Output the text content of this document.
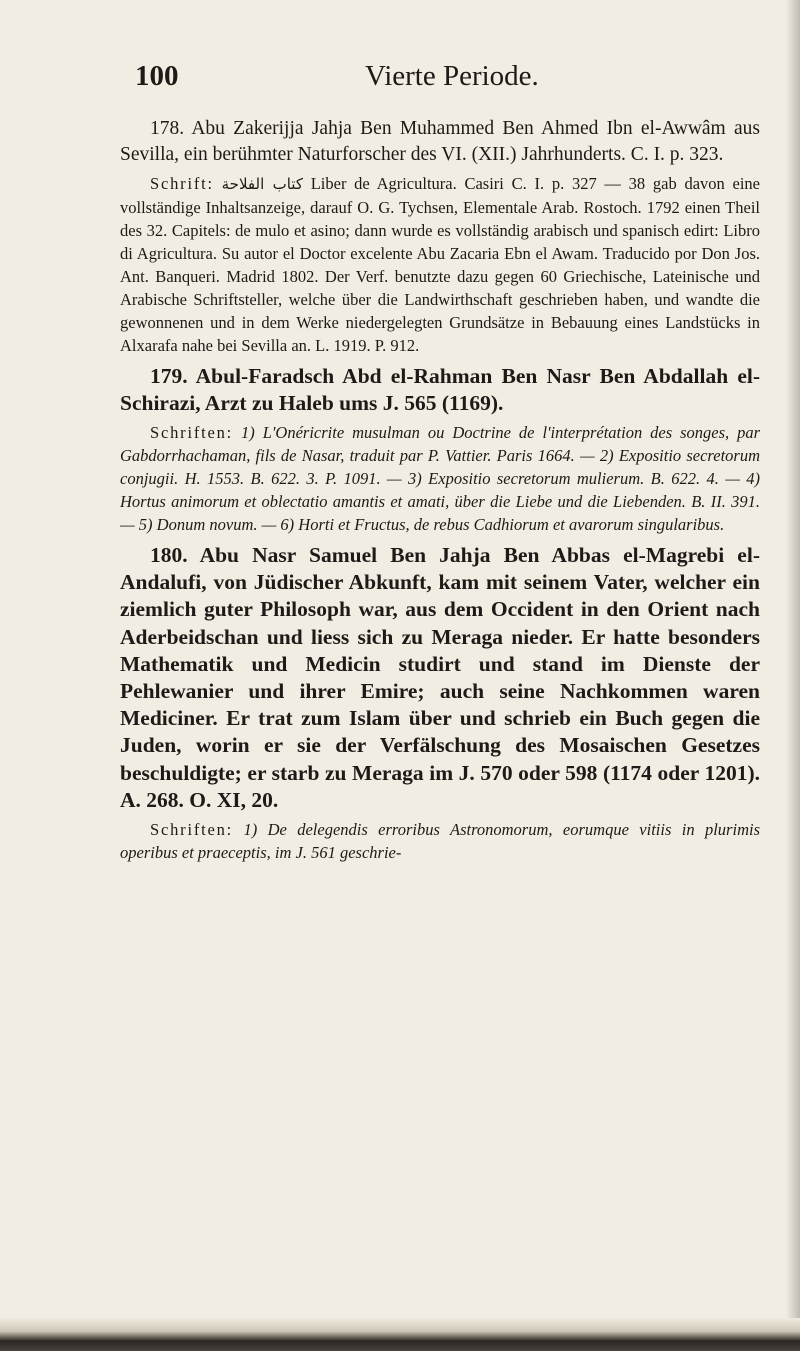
100	Vierte Periode.

178. Abu Zakerijja Jahja Ben Muhammed Ben Ahmed Ibn el-Awwâm aus Sevilla, ein berühmter Naturforscher des VI. (XII.) Jahrhunderts. C. I. p. 323.

Schrift: كتاب الفلاحة Liber de Agricultura. Casiri C. I. p. 327 — 38 gab davon eine vollständige Inhaltsanzeige, darauf O. G. Tychsen, Elementale Arab. Rostoch. 1792 einen Theil des 32. Capitels: de mulo et asino; dann wurde es vollständig arabisch und spanisch edirt: Libro di Agricultura. Su autor el Doctor excelente Abu Zacaria Ebn el Awam. Traducido por Don Jos. Ant. Banqueri. Madrid 1802. Der Verf. benutzte dazu gegen 60 Griechische, Lateinische und Arabische Schriftsteller, welche über die Landwirthschaft geschrieben haben, und wandte die gewonnenen und in dem Werke niedergelegten Grundsätze in Bebauung eines Landstücks in Alxarafa nahe bei Sevilla an. L. 1919. P. 912.

179. Abul-Faradsch Abd el-Rahman Ben Nasr Ben Abdallah el-Schirazi, Arzt zu Haleb ums J. 565 (1169).

Schriften: 1) L'Onéricrite musulman ou Doctrine de l'interprétation des songes, par Gabdorrhachaman, fils de Nasar, traduit par P. Vattier. Paris 1664. — 2) Expositio secretorum conjugii. H. 1553. B. 622. 3. P. 1091. — 3) Expositio secretorum mulierum. B. 622. 4. — 4) Hortus animorum et oblectatio amantis et amati, über die Liebe und die Liebenden. B. II. 391. — 5) Donum novum. — 6) Horti et Fructus, de rebus Cadhiorum et avarorum singularibus.

180. Abu Nasr Samuel Ben Jahja Ben Abbas el-Magrebi el-Andalufi, von Jüdischer Abkunft, kam mit seinem Vater, welcher ein ziemlich guter Philosoph war, aus dem Occident in den Orient nach Aderbeidschan und liess sich zu Meraga nieder. Er hatte besonders Mathematik und Medicin studirt und stand im Dienste der Pehlewanier und ihrer Emire; auch seine Nachkommen waren Mediciner. Er trat zum Islam über und schrieb ein Buch gegen die Juden, worin er sie der Verfälschung des Mosaischen Gesetzes beschuldigte; er starb zu Meraga im J. 570 oder 598 (1174 oder 1201). A. 268. O. XI, 20.

Schriften: 1) De delegendis erroribus Astronomorum, eorumque vitiis in plurimis operibus et praeceptis, im J. 561 geschrie-
